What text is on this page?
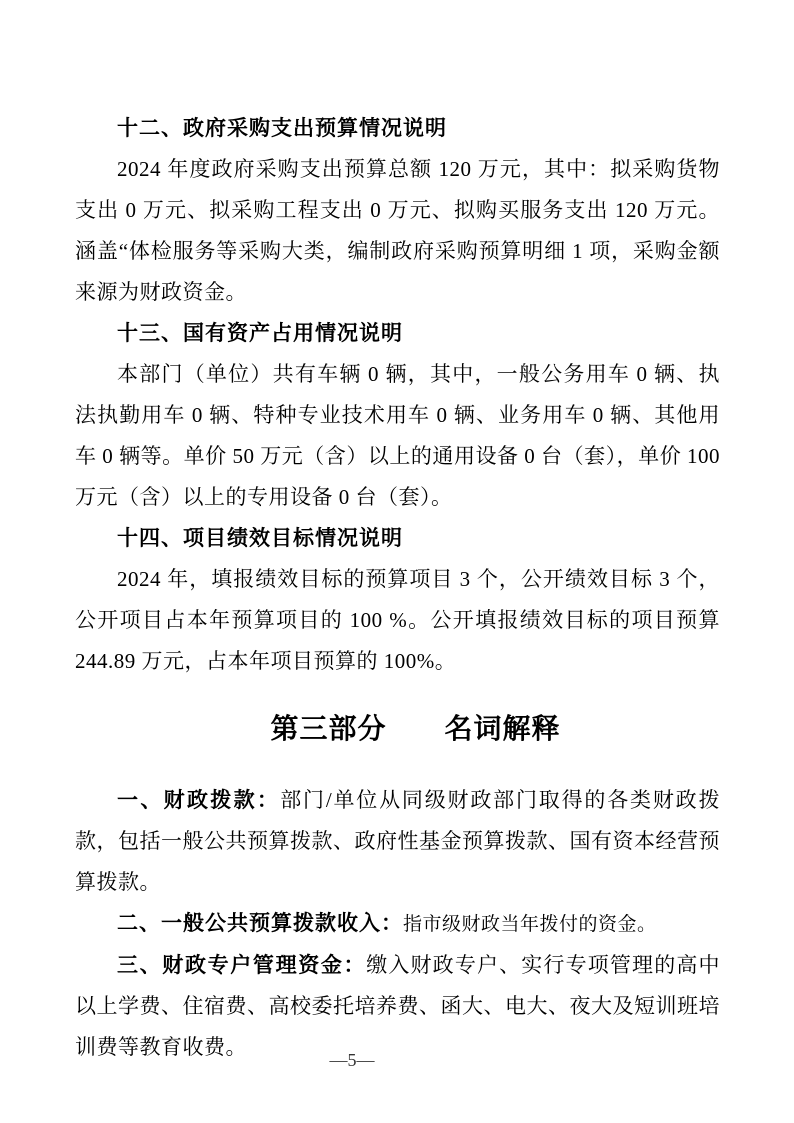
十二、政府采购支出预算情况说明

2024 年度政府采购支出预算总额 120 万元，其中：拟采购货物支出 0 万元、拟采购工程支出 0 万元、拟购买服务支出 120 万元。涵盖“体检服务等采购大类，编制政府采购预算明细 1 项，采购金额来源为财政资金。

十三、国有资产占用情况说明

本部门（单位）共有车辆 0 辆，其中，一般公务用车 0 辆、执法执勤用车 0 辆、特种专业技术用车 0 辆、业务用车 0 辆、其他用车 0 辆等。单价 50 万元（含）以上的通用设备 0 台（套），单价 100 万元（含）以上的专用设备 0 台（套）。

十四、项目绩效目标情况说明

2024 年，填报绩效目标的预算项目 3 个，公开绩效目标 3 个，公开项目占本年预算项目的 100 %。公开填报绩效目标的项目预算 244.89 万元，占本年项目预算的 100%。

第三部分　　名词解释

一、财政拨款：部门/单位从同级财政部门取得的各类财政拨款，包括一般公共预算拨款、政府性基金预算拨款、国有资本经营预算拨款。

二、一般公共预算拨款收入：指市级财政当年拨付的资金。

三、财政专户管理资金：缴入财政专户、实行专项管理的高中以上学费、住宿费、高校委托培养费、函大、电大、夜大及短训班培训费等教育收费。

—5—
